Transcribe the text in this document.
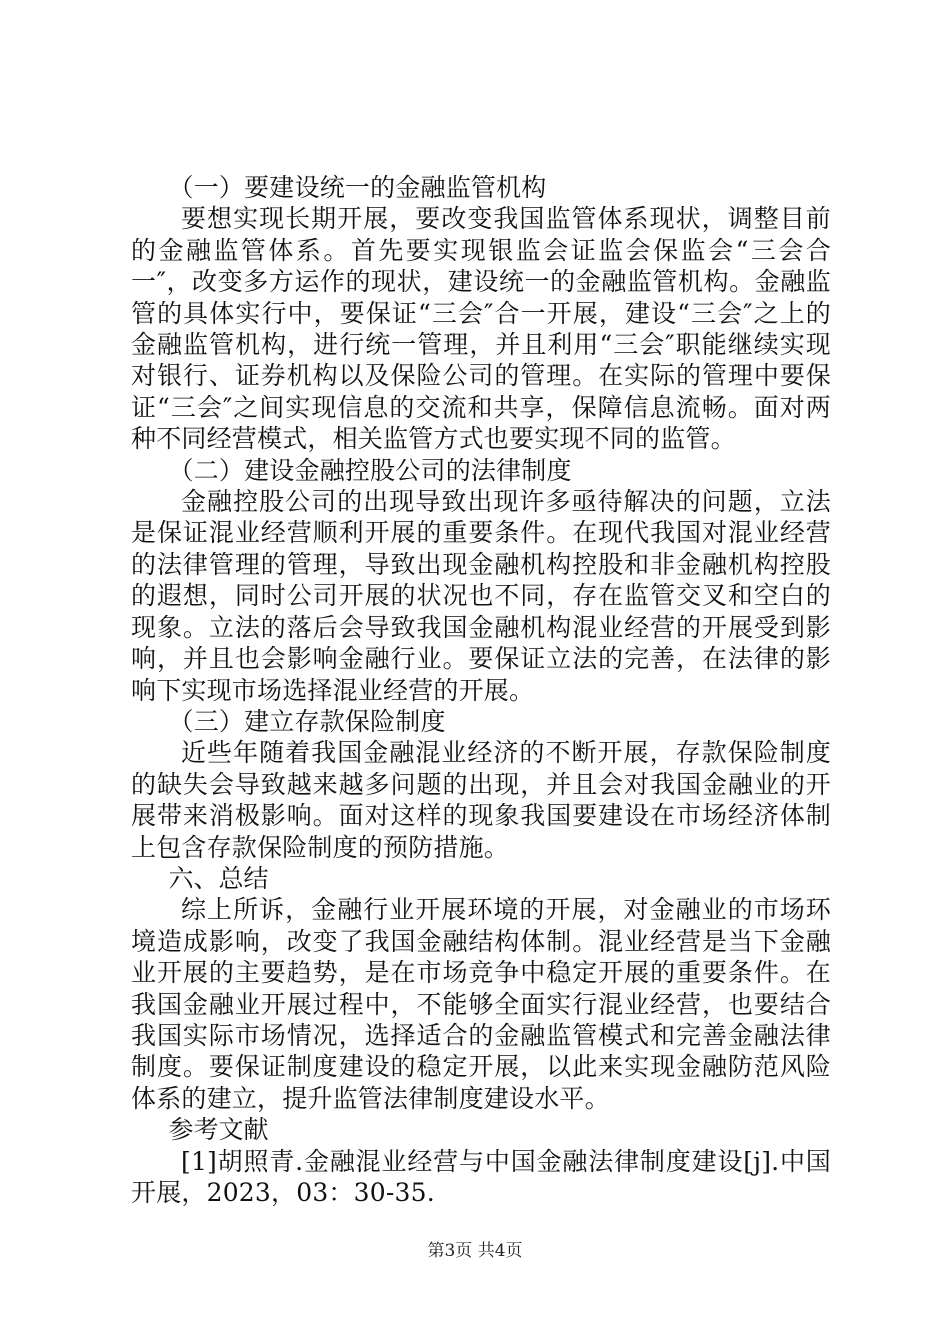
（一）要建设统一的金融监管机构

要想实现长期开展，要改变我国监管体系现状，调整目前的金融监管体系。首先要实现银监会证监会保监会“三会合一″，改变多方运作的现状，建设统一的金融监管机构。金融监管的具体实行中，要保证“三会″合一开展，建设“三会″之上的金融监管机构，进行统一管理，并且利用“三会″职能继续实现对银行、证券机构以及保险公司的管理。在实际的管理中要保证“三会″之间实现信息的交流和共享，保障信息流畅。面对两种不同经营模式，相关监管方式也要实现不同的监管。

（二）建设金融控股公司的法律制度

金融控股公司的出现导致出现许多亟待解决的问题，立法是保证混业经营顺利开展的重要条件。在现代我国对混业经营的法律管理的管理，导致出现金融机构控股和非金融机构控股的遐想，同时公司开展的状况也不同，存在监管交叉和空白的现象。立法的落后会导致我国金融机构混业经营的开展受到影响，并且也会影响金融行业。要保证立法的完善，在法律的影响下实现市场选择混业经营的开展。

（三）建立存款保险制度

近些年随着我国金融混业经济的不断开展，存款保险制度的缺失会导致越来越多问题的出现，并且会对我国金融业的开展带来消极影响。面对这样的现象我国要建设在市场经济体制上包含存款保险制度的预防措施。

六、总结

综上所诉，金融行业开展环境的开展，对金融业的市场环境造成影响，改变了我国金融结构体制。混业经营是当下金融业开展的主要趋势，是在市场竞争中稳定开展的重要条件。在我国金融业开展过程中，不能够全面实行混业经营，也要结合我国实际市场情况，选择适合的金融监管模式和完善金融法律制度。要保证制度建设的稳定开展，以此来实现金融防范风险体系的建立，提升监管法律制度建设水平。

参考文献

[1]胡照青.金融混业经营与中国金融法律制度建设[j].中国开展，2023，03：30-35.

第3页 共4页
